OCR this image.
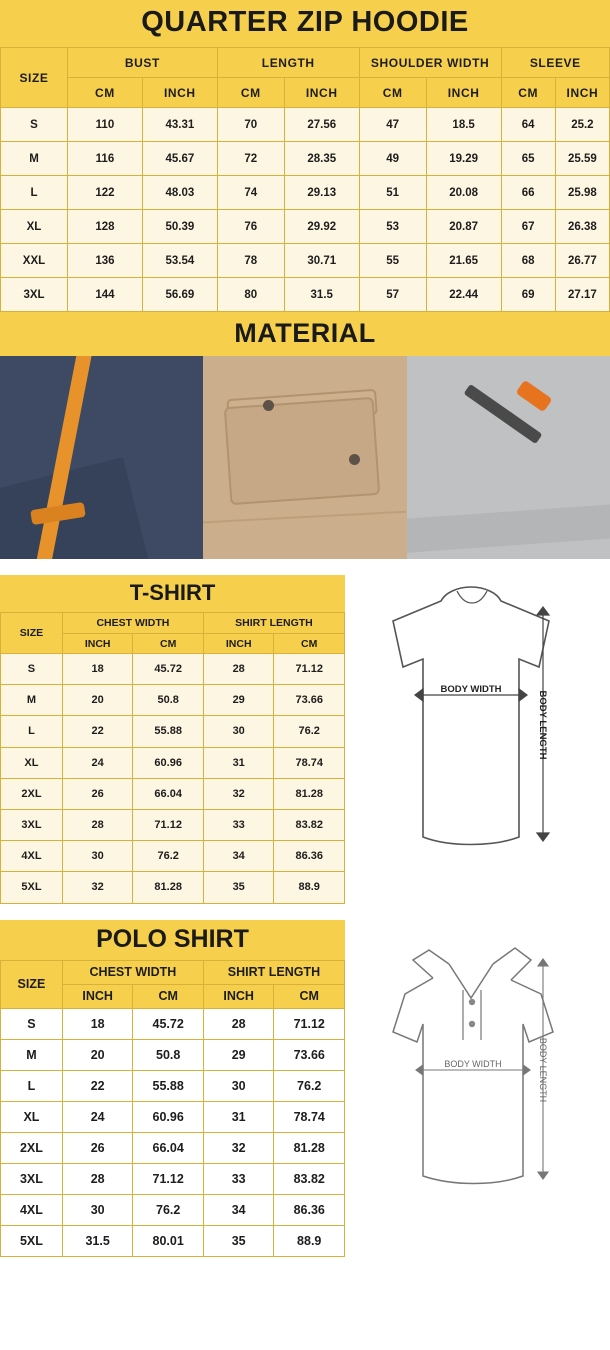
QUARTER ZIP HOODIE
SIZE	BUST		LENGTH		SHOULDER WIDTH		SLEEVE	
	CM	INCH	CM	INCH	CM	INCH	CM	INCH
S	110	43.31	70	27.56	47	18.5	64	25.2
M	116	45.67	72	28.35	49	19.29	65	25.59
L	122	48.03	74	29.13	51	20.08	66	25.98
XL	128	50.39	76	29.92	53	20.87	67	26.38
XXL	136	53.54	78	30.71	55	21.65	68	26.77
3XL	144	56.69	80	31.5	57	22.44	69	27.17
MATERIAL
T-SHIRT
SIZE	CHEST WIDTH		SHIRT LENGTH	
	INCH	CM	INCH	CM
S	18	45.72	28	71.12
M	20	50.8	29	73.66
L	22	55.88	30	76.2
XL	24	60.96	31	78.74
2XL	26	66.04	32	81.28
3XL	28	71.12	33	83.82
4XL	30	76.2	34	86.36
5XL	32	81.28	35	88.9
BODY WIDTH
BODY LENGTH
POLO SHIRT
SIZE	CHEST WIDTH		SHIRT LENGTH	
	INCH	CM	INCH	CM
S	18	45.72	28	71.12
M	20	50.8	29	73.66
L	22	55.88	30	76.2
XL	24	60.96	31	78.74
2XL	26	66.04	32	81.28
3XL	28	71.12	33	83.82
4XL	30	76.2	34	86.36
5XL	31.5	80.01	35	88.9
BODY WIDTH	BODY LENGTH
